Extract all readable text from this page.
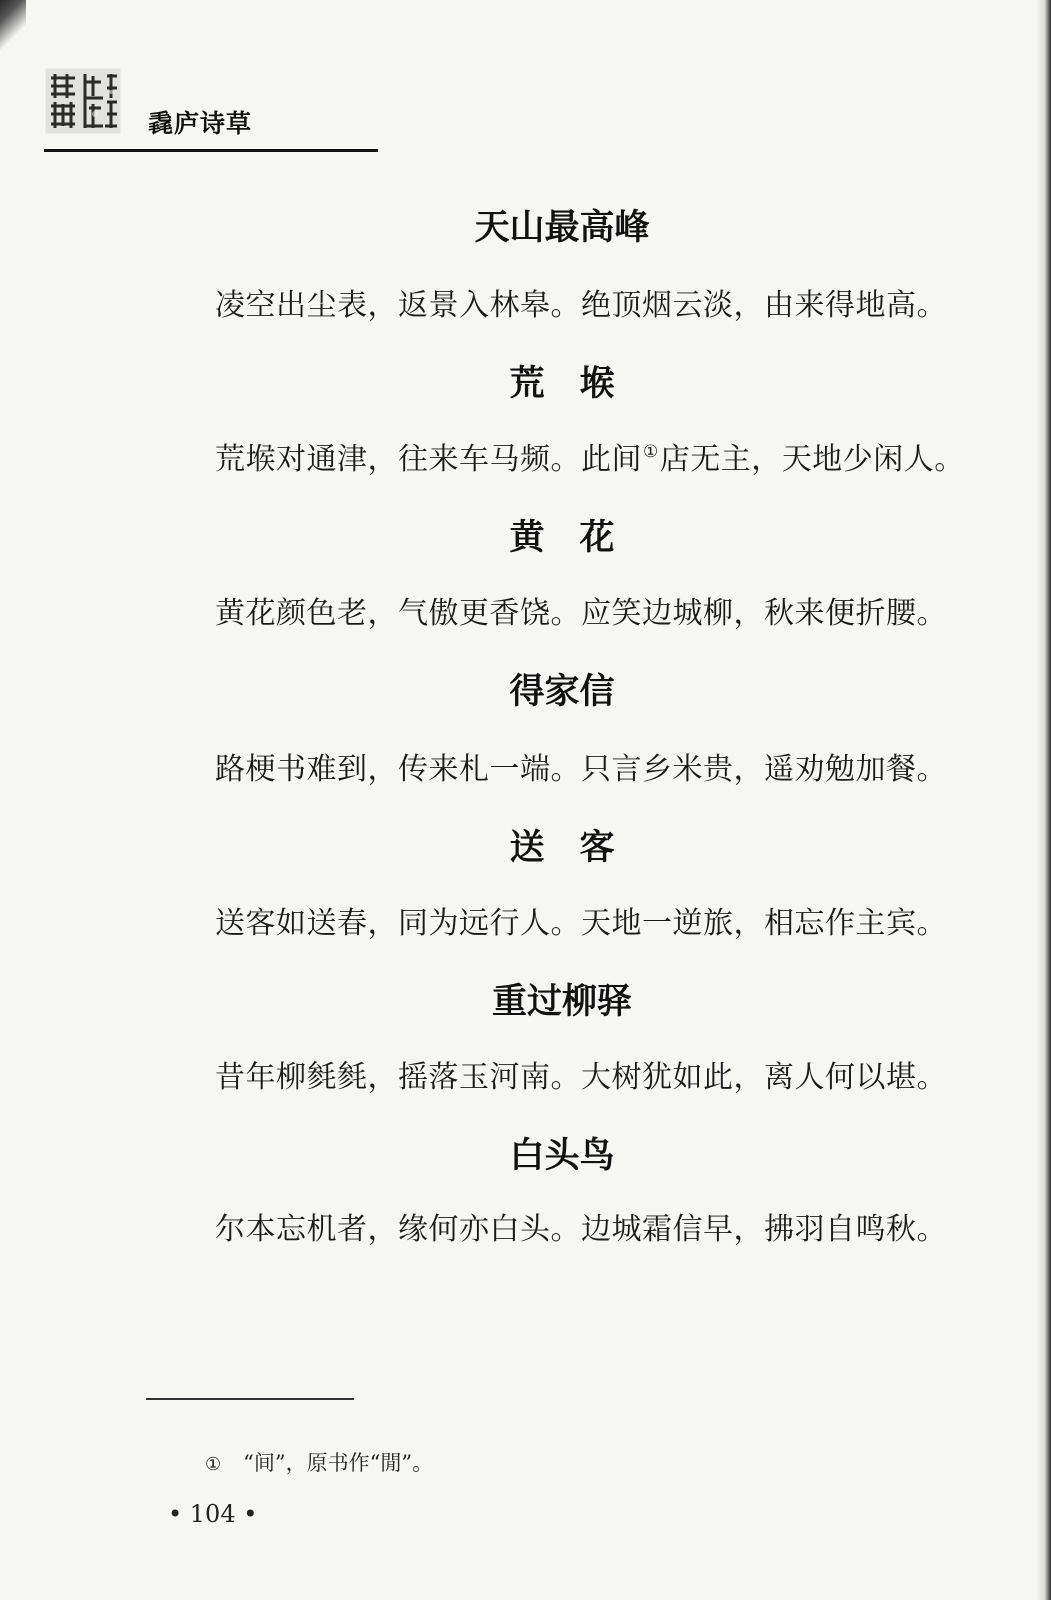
毳庐诗草
天山最高峰
凌空出尘表，返景入林皋。绝顶烟云淡，由来得地高。
荒　堠
荒堠对通津，往来车马频。此间①店无主，天地少闲人。
黄　花
黄花颜色老，气傲更香饶。应笑边城柳，秋来便折腰。
得家信
路梗书难到，传来札一端。只言乡米贵，遥劝勉加餐。
送　客
送客如送春，同为远行人。天地一逆旅，相忘作主宾。
重过柳驿
昔年柳毵毵，摇落玉河南。大树犹如此，离人何以堪。
白头鸟
尔本忘机者，缘何亦白头。边城霜信早，拂羽自鸣秋。
① “间”，原书作“閒”。
• 104 •
